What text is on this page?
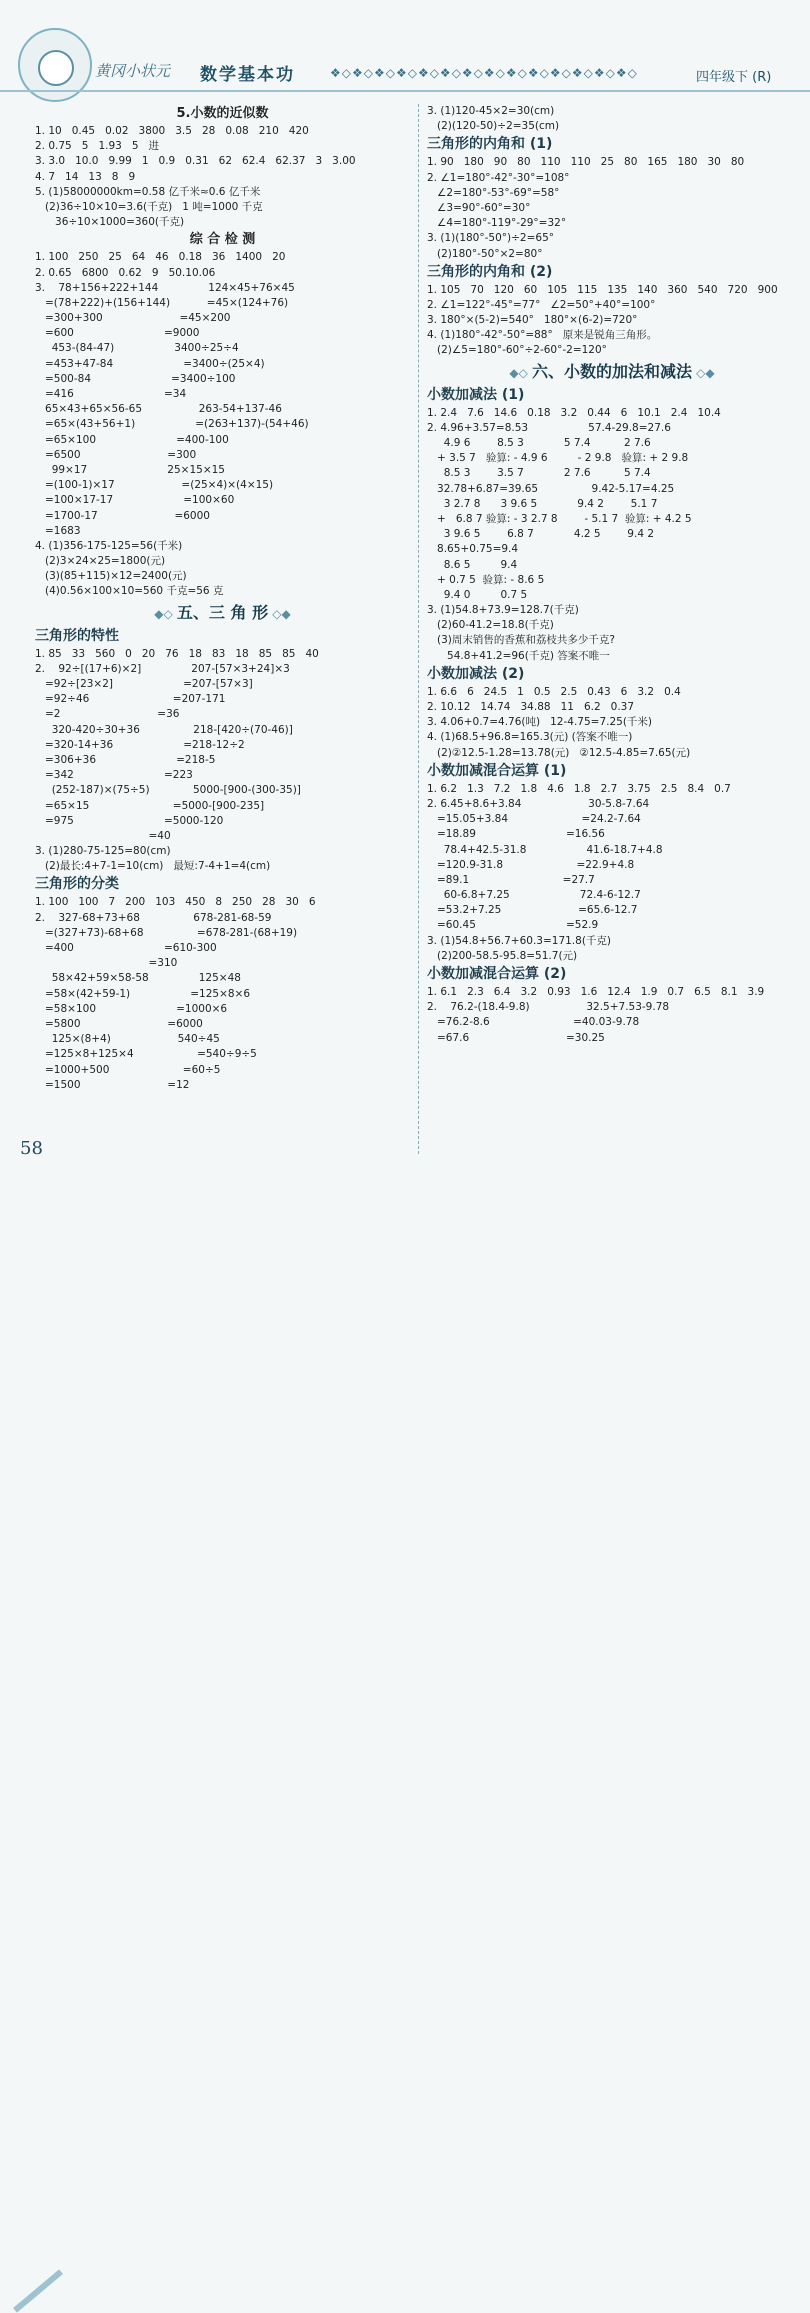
黄冈小状元 数学基本功	❖◇❖◇❖◇❖◇❖◇❖◇❖◇❖◇❖◇❖◇❖◇❖◇❖◇❖◇	四年级下 (R)
5.小数的近似数
1. 10   0.45   0.02   3800   3.5   28   0.08   210   420
2. 0.75   5   1.93   5   进
3. 3.0   10.0   9.99   1   0.9   0.31   62   62.4   62.37   3   3.00
4. 7   14   13   8   9
5. (1)58000000km=0.58 亿千米≈0.6 亿千米
(2)36÷10×10=3.6(千克)   1 吨=1000 千克
36÷10×1000=360(千克)
综 合 检 测
1. 100   250   25   64   46   0.18   36   1400   20
2. 0.65   6800   0.62   9   50.10.06
3.    78+156+222+144               124×45+76×45
=(78+222)+(156+144)           =45×(124+76)
=300+300                       =45×200
=600                           =9000
453-(84-47)                  3400÷25÷4
=453+47-84                     =3400÷(25×4)
=500-84                        =3400÷100
=416                           =34
65×43+65×56-65                 263-54+137-46
=65×(43+56+1)                  =(263+137)-(54+46)
=65×100                        =400-100
=6500                          =300
99×17                        25×15×15
=(100-1)×17                    =(25×4)×(4×15)
=100×17-17                     =100×60
=1700-17                       =6000
=1683
4. (1)356-175-125=56(千米)
(2)3×24×25=1800(元)
(3)(85+115)×12=2400(元)
(4)0.56×100×10=560 千克=56 克
◆◇ 五、三 角 形 ◇◆
三角形的特性
1. 85   33   560   0   20   76   18   83   18   85   85   40
2.    92÷[(17+6)×2]               207-[57×3+24]×3
=92÷[23×2]                     =207-[57×3]
=92÷46                         =207-171
=2                             =36
320-420÷30+36                218-[420÷(70-46)]
=320-14+36                     =218-12÷2
=306+36                        =218-5
=342                           =223
(252-187)×(75÷5)             5000-[900-(300-35)]
=65×15                         =5000-[900-235]
=975                           =5000-120
=40
3. (1)280-75-125=80(cm)
(2)最长:4+7-1=10(cm)   最短:7-4+1=4(cm)
三角形的分类
1. 100   100   7   200   103   450   8   250   28   30   6
2.    327-68+73+68                678-281-68-59
=(327+73)-68+68                =678-281-(68+19)
=400                           =610-300
=310
58×42+59×58-58               125×48
=58×(42+59-1)                  =125×8×6
=58×100                        =1000×6
=5800                          =6000
125×(8+4)                    540÷45
=125×8+125×4                   =540÷9÷5
=1000+500                      =60÷5
=1500                          =12
3. (1)120-45×2=30(cm)
(2)(120-50)÷2=35(cm)
三角形的内角和 (1)
1. 90   180   90   80   110   110   25   80   165   180   30   80
2. ∠1=180°-42°-30°=108°
∠2=180°-53°-69°=58°
∠3=90°-60°=30°
∠4=180°-119°-29°=32°
3. (1)(180°-50°)÷2=65°
(2)180°-50°×2=80°
三角形的内角和 (2)
1. 105   70   120   60   105   115   135   140   360   540   720   900
2. ∠1=122°-45°=77°   ∠2=50°+40°=100°
3. 180°×(5-2)=540°   180°×(6-2)=720°
4. (1)180°-42°-50°=88°   原来是锐角三角形。
(2)∠5=180°-60°÷2-60°-2=120°
◆◇ 六、小数的加法和减法 ◇◆
小数加减法 (1)
1. 2.4   7.6   14.6   0.18   3.2   0.44   6   10.1   2.4   10.4
2. 4.96+3.57=8.53                  57.4-29.8=27.6
4.9 6        8.5 3            5 7.4          2 7.6
+ 3.5 7   验算: - 4.9 6         - 2 9.8   验算: + 2 9.8
8.5 3        3.5 7            2 7.6          5 7.4
32.78+6.87=39.65                9.42-5.17=4.25
3 2.7 8      3 9.6 5            9.4 2        5.1 7
+   6.8 7 验算: - 3 2.7 8        - 5.1 7  验算: + 4.2 5
3 9.6 5        6.8 7            4.2 5        9.4 2
8.65+0.75=9.4
8.6 5         9.4
+ 0.7 5  验算: - 8.6 5
9.4 0         0.7 5
3. (1)54.8+73.9=128.7(千克)
(2)60-41.2=18.8(千克)
(3)周末销售的香蕉和荔枝共多少千克?
54.8+41.2=96(千克) 答案不唯一
小数加减法 (2)
1. 6.6   6   24.5   1   0.5   2.5   0.43   6   3.2   0.4
2. 10.12   14.74   34.88   11   6.2   0.37
3. 4.06+0.7=4.76(吨)   12-4.75=7.25(千米)
4. (1)68.5+96.8=165.3(元) (答案不唯一)
(2)②12.5-1.28=13.78(元)   ②12.5-4.85=7.65(元)
小数加减混合运算 (1)
1. 6.2   1.3   7.2   1.8   4.6   1.8   2.7   3.75   2.5   8.4   0.7
2. 6.45+8.6+3.84                    30-5.8-7.64
=15.05+3.84                      =24.2-7.64
=18.89                           =16.56
78.4+42.5-31.8                  41.6-18.7+4.8
=120.9-31.8                      =22.9+4.8
=89.1                            =27.7
60-6.8+7.25                     72.4-6-12.7
=53.2+7.25                       =65.6-12.7
=60.45                           =52.9
3. (1)54.8+56.7+60.3=171.8(千克)
(2)200-58.5-95.8=51.7(元)
小数加减混合运算 (2)
1. 6.1   2.3   6.4   3.2   0.93   1.6   12.4   1.9   0.7   6.5   8.1   3.9
2.    76.2-(18.4-9.8)                 32.5+7.53-9.78
=76.2-8.6                         =40.03-9.78
=67.6                             =30.25
58
